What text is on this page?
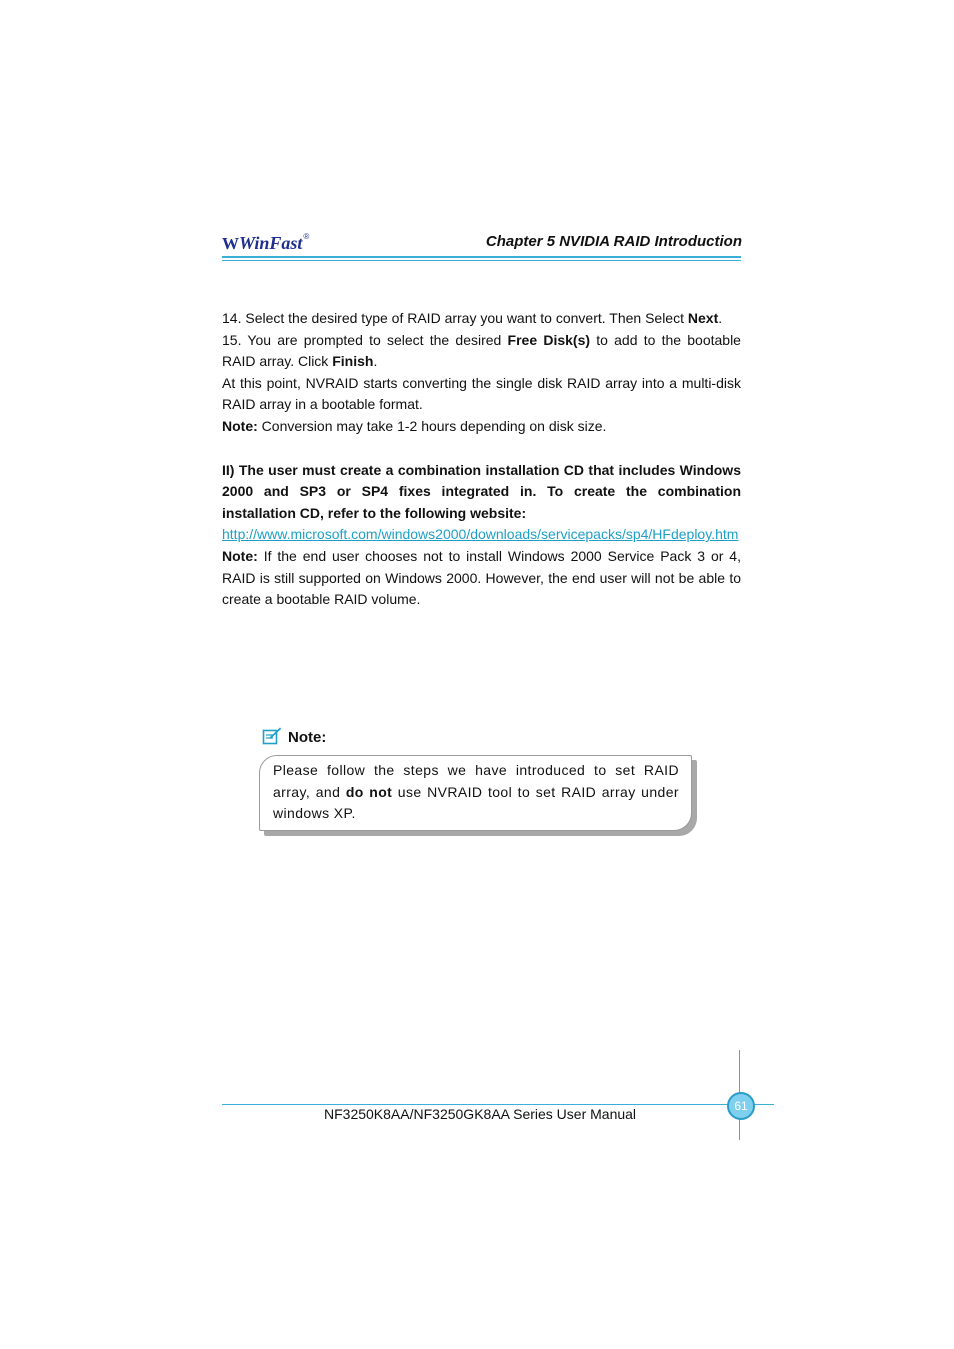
W WinFast ®	Chapter 5 NVIDIA RAID Introduction

14. Select the desired type of RAID array you want to convert. Then Select Next.

15. You are prompted to select the desired Free Disk(s) to add to the bootable RAID array. Click Finish.

At this point, NVRAID starts converting the single disk RAID array into a multi-disk RAID array in a bootable format.

Note: Conversion may take 1-2 hours depending on disk size.

II) The user must create a combination installation CD that includes Windows 2000 and SP3 or SP4 fixes integrated in. To create the combination installation CD, refer to the following website:

http://www.microsoft.com/windows2000/downloads/servicepacks/sp4/HFdeploy.htm

Note: If the end user chooses not to install Windows 2000 Service Pack 3 or 4, RAID is still supported on Windows 2000. However, the end user will not be able to create a bootable RAID volume.

Note:

Please follow the steps we have introduced to set RAID array, and do not use NVRAID tool to set RAID array under windows XP.

61
NF3250K8AA/NF3250GK8AA Series User Manual
